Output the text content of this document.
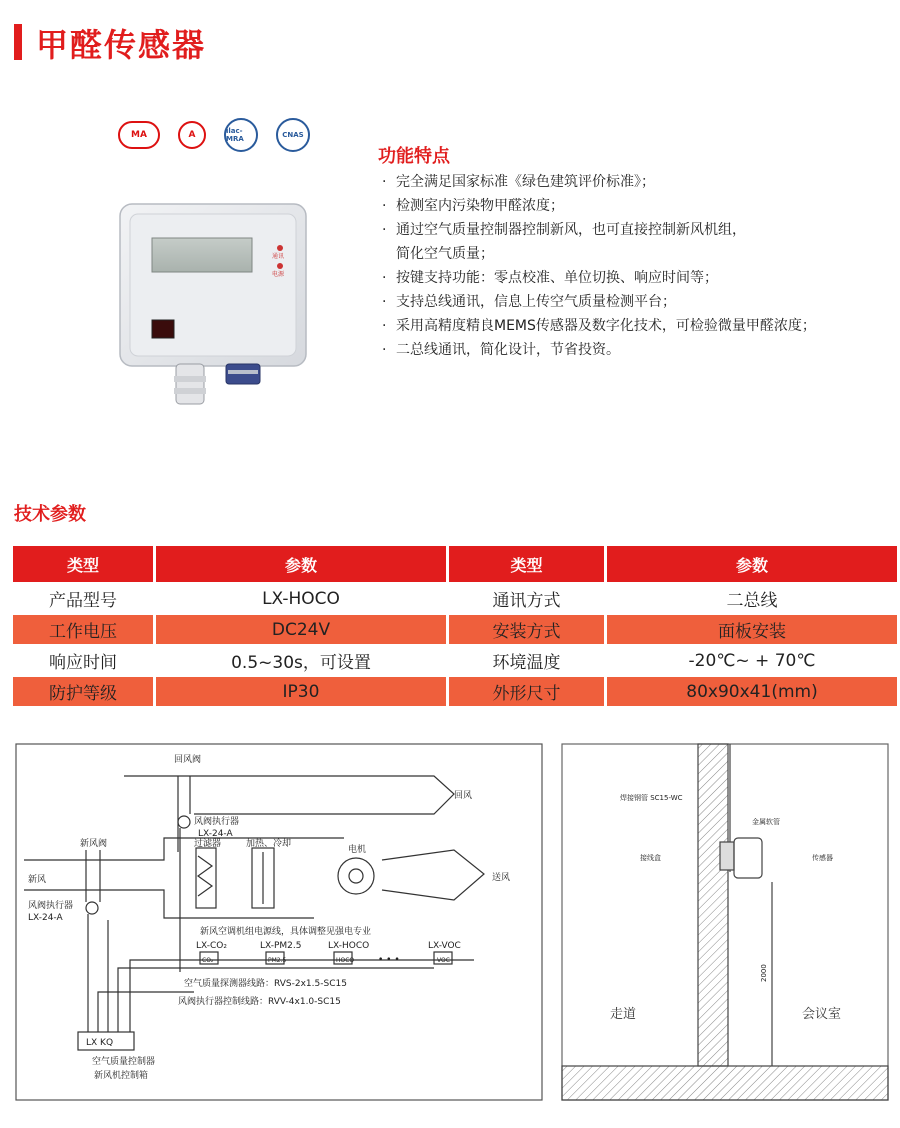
甲醛传感器
MA	A	ilac-MRA	CNAS
通讯
电源
功能特点
· 完全满足国家标准《绿色建筑评价标准》；
· 检测室内污染物甲醛浓度；
· 通过空气质量控制器控制新风，也可直接控制新风机组，
简化空气质量；
· 按键支持功能：零点校准、单位切换、响应时间等；
· 支持总线通讯，信息上传空气质量检测平台；
· 采用高精度精良MEMS传感器及数字化技术，可检验微量甲醛浓度；
· 二总线通讯，简化设计，节省投资。
技术参数
类型	参数	类型	参数
产品型号	LX-HOCO	通讯方式	二总线
工作电压	DC24V	安装方式	面板安装
响应时间	0.5~30s，可设置	环境温度	-20℃~ + 70℃
防护等级	IP30	外形尺寸	80x90x41(mm)
回风阀
回风
风阀执行器
LX-24-A
新风阀
新风
过滤器	加热、冷却
电机
送风
风阀执行器
LX-24-A
新风空调机组电源线，具体调整见强电专业
LX-CO₂
CO₂
LX-PM2.5
PM2.5
LX-HOCO
HOCO	• • •
LX-VOC
VOC
空气质量探测器线路：RVS-2x1.5-SC15
风阀执行器控制线路：RVV-4x1.0-SC15
LX KQ
空气质量控制器
新风机控制箱
焊接钢管 SC15-WC
金属软管
接线盒	传感器
2000
走道	会议室
